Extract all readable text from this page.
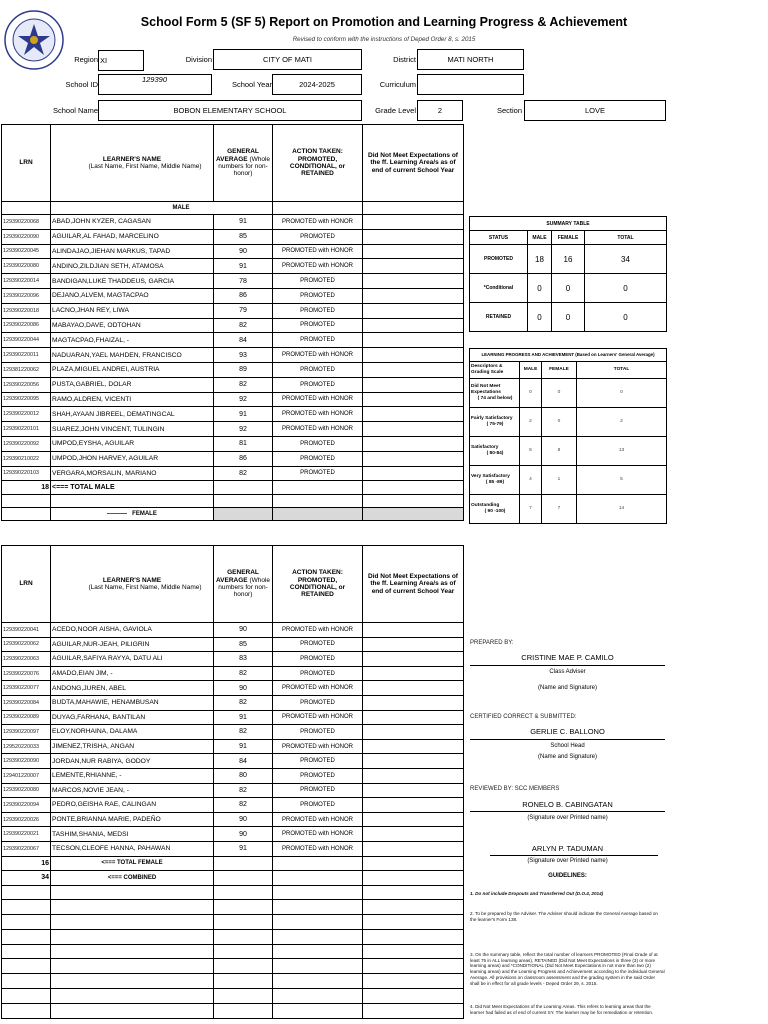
School Form 5 (SF 5) Report on Promotion and Learning Progress & Achievement
Revised to conform with the instructions of Deped Order 8, s. 2015
Region XI	Division	CITY OF MATI	District	MATI NORTH
School ID
129390
School Year	2024-2025	Curriculum
School Name	BOBON ELEMENTARY SCHOOL	Grade Level	2	Section	LOVE
LRN	LEARNER'S NAME
(Last Name, First Name, Middle Name)	GENERAL AVERAGE (Whole numbers for non-honor)	ACTION TAKEN: PROMOTED, CONDITIONAL, or RETAINED	Did Not Meet Expectations of the ff. Learning Area/s as of end of current School Year
	MALE			
129390220068	ABAD,JOHN KYZER, CAGASAN	91	PROMOTED with HONOR	
129390220090	AGUILAR,AL FAHAD, MARCELINO	85	PROMOTED	
129390220045	ALINDAJAO,JIEHAN MARKUS, TAPAD	90	PROMOTED with HONOR	
129390220080	ANDINO,ZILDJIAN SETH, ATAMOSA	91	PROMOTED with HONOR	
129390220014	BANDIGAN,LUKE THADDEUS, GARCIA	78	PROMOTED	
129390220096	DEJANO,ALVEM, MAGTACPAO	86	PROMOTED	
129390220018	LACNO,JHAN REY, LIWA	79	PROMOTED	
129390220086	MABAYAO,DAVE, ODTOHAN	82	PROMOTED	
129390220044	MAGTACPAO,FHAIZAL, -	84	PROMOTED	
129390220011	NADUARAN,YAEL MAHDEN, FRANCISCO	93	PROMOTED with HONOR	
129381220062	PLAZA,MIGUEL ANDREI, AUSTRIA	89	PROMOTED	
129390220056	PUSTA,GABRIEL, DOLAR	82	PROMOTED	
129390220095	RAMO,ALDREN, VICENTI	92	PROMOTED with HONOR	
129390220012	SHAH,AYAAN JIBREEL, DEMATINGCAL	91	PROMOTED with HONOR	
129390220101	SUAREZ,JOHN VINCENT, TULINGIN	92	PROMOTED with HONOR	
129390220092	UMPOD,EYSHA, AGUILAR	81	PROMOTED	
129390210022	UMPOD,JHON HARVEY, AGUILAR	86	PROMOTED	
129390220103	VERGARA,MORSALIN, MARIANO	82	PROMOTED	
18	<=== TOTAL MALE			

	FEMALE			
SUMMARY TABLE			
STATUS	MALE	FEMALE	TOTAL
PROMOTED	18	16	34
*Conditional	0	0	0
RETAINED	0	0	0
LEARNING PROGRESS AND ACHIEVEMENT (Based on Learners' General Average)			
Descriptors & Grading Scale	MALE	FEMALE	TOTAL

Did Not Meet Expectations
( 74 and below)	0	0	0

Fairly Satisfactory
( 75-79)	2	0	2

Satisfactory
( 80-84)	5	8	13

Very Satisfactory
( 85 -89)	4	1	5

Outstanding
( 90 -100)	7	7	14
LRN	LEARNER'S NAME
(Last Name, First Name, Middle Name)	GENERAL AVERAGE (Whole numbers for non-honor)	ACTION TAKEN: PROMOTED, CONDITIONAL, or RETAINED	Did Not Meet Expectations of the ff. Learning Area/s as of end of current School Year
129390220041	ACEDO,NOOR AISHA, GAVIOLA	90	PROMOTED with HONOR	
129390220062	AGUILAR,NUR-JEAH, PILIGRIN	85	PROMOTED	
129390220063	AGUILAR,SAFIYA RAYYA, DATU ALI	83	PROMOTED	
129390220076	AMADO,EIAN JIM, -	82	PROMOTED	
129390220077	ANDONG,JUREN, ABEL	90	PROMOTED with HONOR	
129390220084	BUDTA,MAHAWIE, HENAMBUSAN	82	PROMOTED	
129390220089	DUYAG,FARHANA, BANTILAN	91	PROMOTED with HONOR	
129390220097	ELOY,NORHAINA, DALAMA	82	PROMOTED	
129520220033	JIMENEZ,TRISHA, ANGAN	91	PROMOTED with HONOR	
129390220090	JORDAN,NUR RABIYA, GODOY	84	PROMOTED	
129401220007	LEMENTE,RHIANNE, -	80	PROMOTED	
129390220080	MARCOS,NOVIE JEAN, -	82	PROMOTED	
129390220094	PEDRO,GEISHA RAE, CALINGAN	82	PROMOTED	
129390220026	PONTE,BRIANNA MARIE, PADEÑO	90	PROMOTED with HONOR	
129390220021	TASHIM,SHANIA, MEDSI	90	PROMOTED with HONOR	
129390220067	TECSON,CLEOFE HANNA, PAHAWAN	91	PROMOTED with HONOR	
16	<=== TOTAL FEMALE			
34	<=== COMBINED			

PREPARED BY:
CRISTINE MAE P. CAMILO
Class Adviser
(Name and Signature)
CERTIFIED CORRECT & SUBMITTED:
GERLIE C. BALLONO
School Head
(Name and Signature)
REVIEWED BY: SCC MEMBERS
RONELO B. CABINGATAN
(Signature over Printed name)
ARLYN P. TADUMAN
(Signature over Printed name)
GUIDELINES:
1. Do not include Dropouts and Transferred Out (D.O.4, 2014)
2. To be prepared by the Adviser. The Adviser should indicate the General Average based on the learner's Form 138.
3. On the summary table, reflect the total number of learners PROMOTED (Final Grade of at least 75 in ALL learning areas), RETAINED (Did Not Meet Expectations in three (3) or more learning areas) and *CONDITIONAL (Did Not Meet Expectations in not more than two (2) learning areas) and the Learning Progress and Achievement according to the individual General Average. All provisions on classroom assessment and the grading system in the said Order shall be in effect for all grade levels - Deped Order 29, s. 2015.
4. Did Not Meet Expectations of the Learning Areas. This refers to learning areas that the learner had failed as of end of current SY. The learner may be for remediation or retention.
